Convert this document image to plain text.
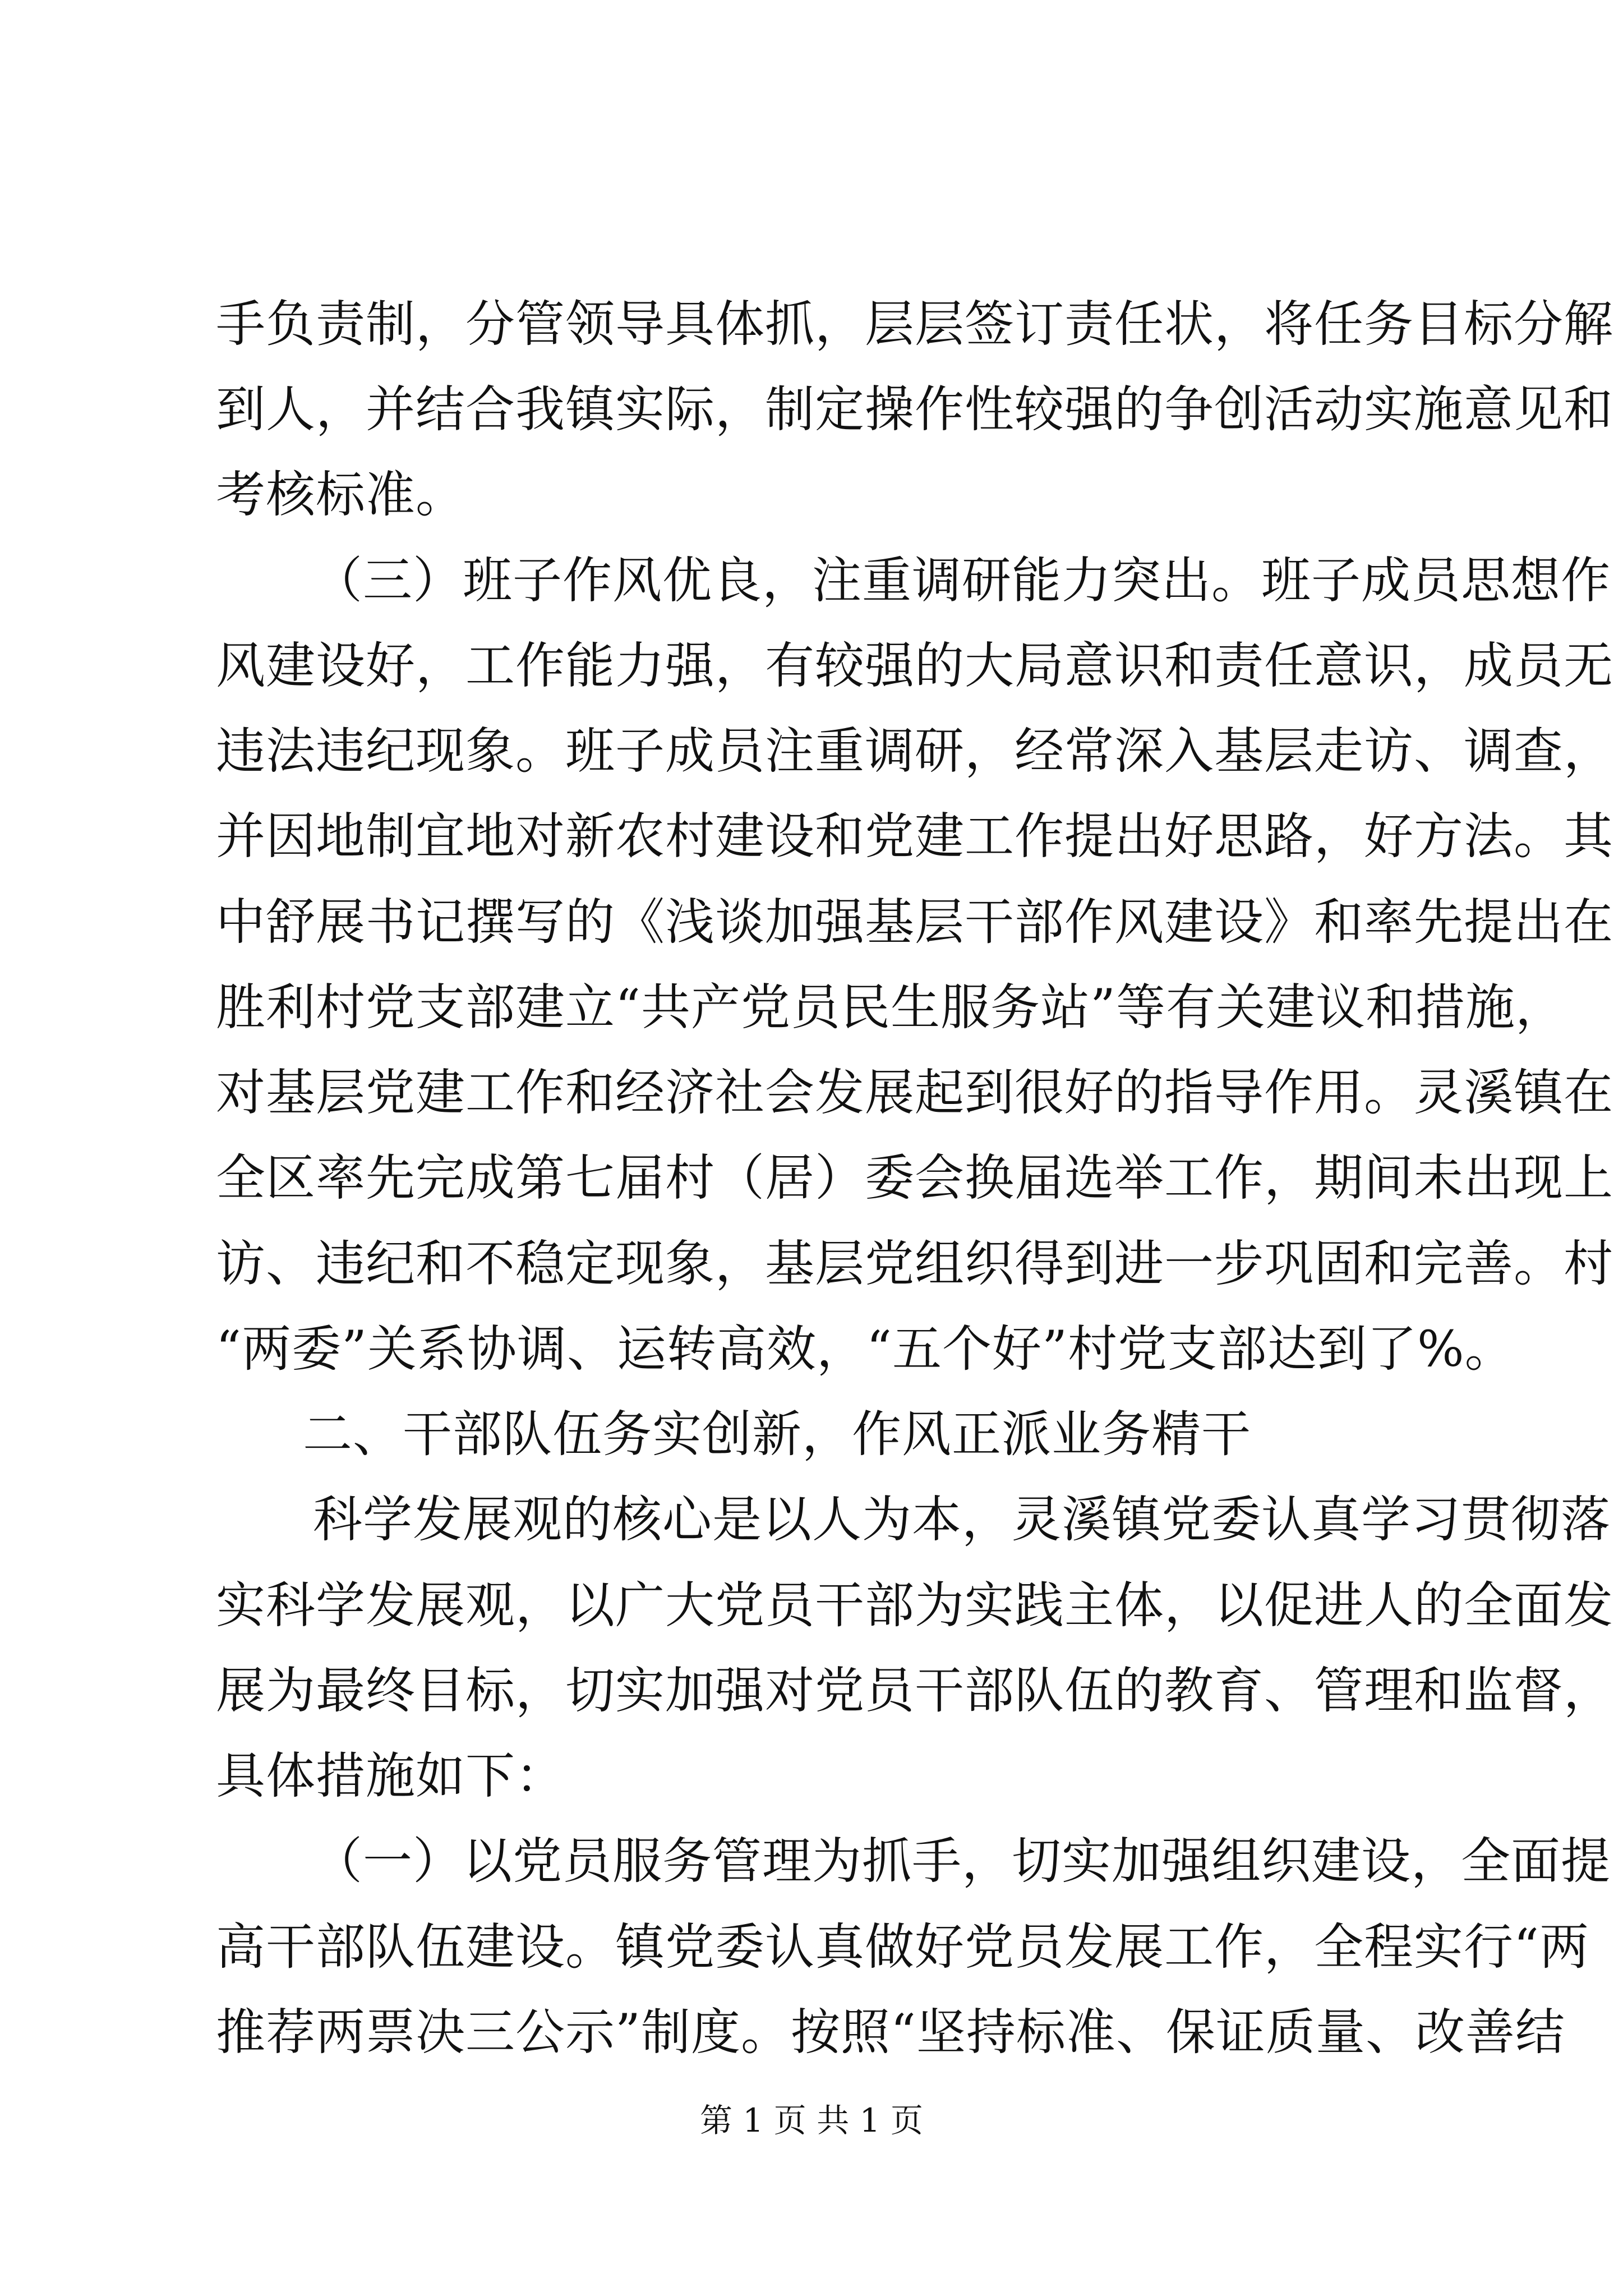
手负责制，分管领导具体抓，层层签订责任状，将任务目标分解
到人，并结合我镇实际，制定操作性较强的争创活动实施意见和
考核标准。
（三）班子作风优良，注重调研能力突出。班子成员思想作
风建设好，工作能力强，有较强的大局意识和责任意识，成员无
违法违纪现象。班子成员注重调研，经常深入基层走访、调查，
并因地制宜地对新农村建设和党建工作提出好思路，好方法。其
中舒展书记撰写的《浅谈加强基层干部作风建设》和率先提出在
胜利村党支部建立“共产党员民生服务站”等有关建议和措施，
对基层党建工作和经济社会发展起到很好的指导作用。灵溪镇在
全区率先完成第七届村（居）委会换届选举工作，期间未出现上
访、违纪和不稳定现象，基层党组织得到进一步巩固和完善。村
“两委”关系协调、运转高效，“五个好”村党支部达到了%。
二、干部队伍务实创新，作风正派业务精干
科学发展观的核心是以人为本，灵溪镇党委认真学习贯彻落
实科学发展观，以广大党员干部为实践主体，以促进人的全面发
展为最终目标，切实加强对党员干部队伍的教育、管理和监督，
具体措施如下：
（一）以党员服务管理为抓手，切实加强组织建设，全面提
高干部队伍建设。镇党委认真做好党员发展工作，全程实行“两
推荐两票决三公示”制度。按照“坚持标准、保证质量、改善结
第 1 页 共 1 页
